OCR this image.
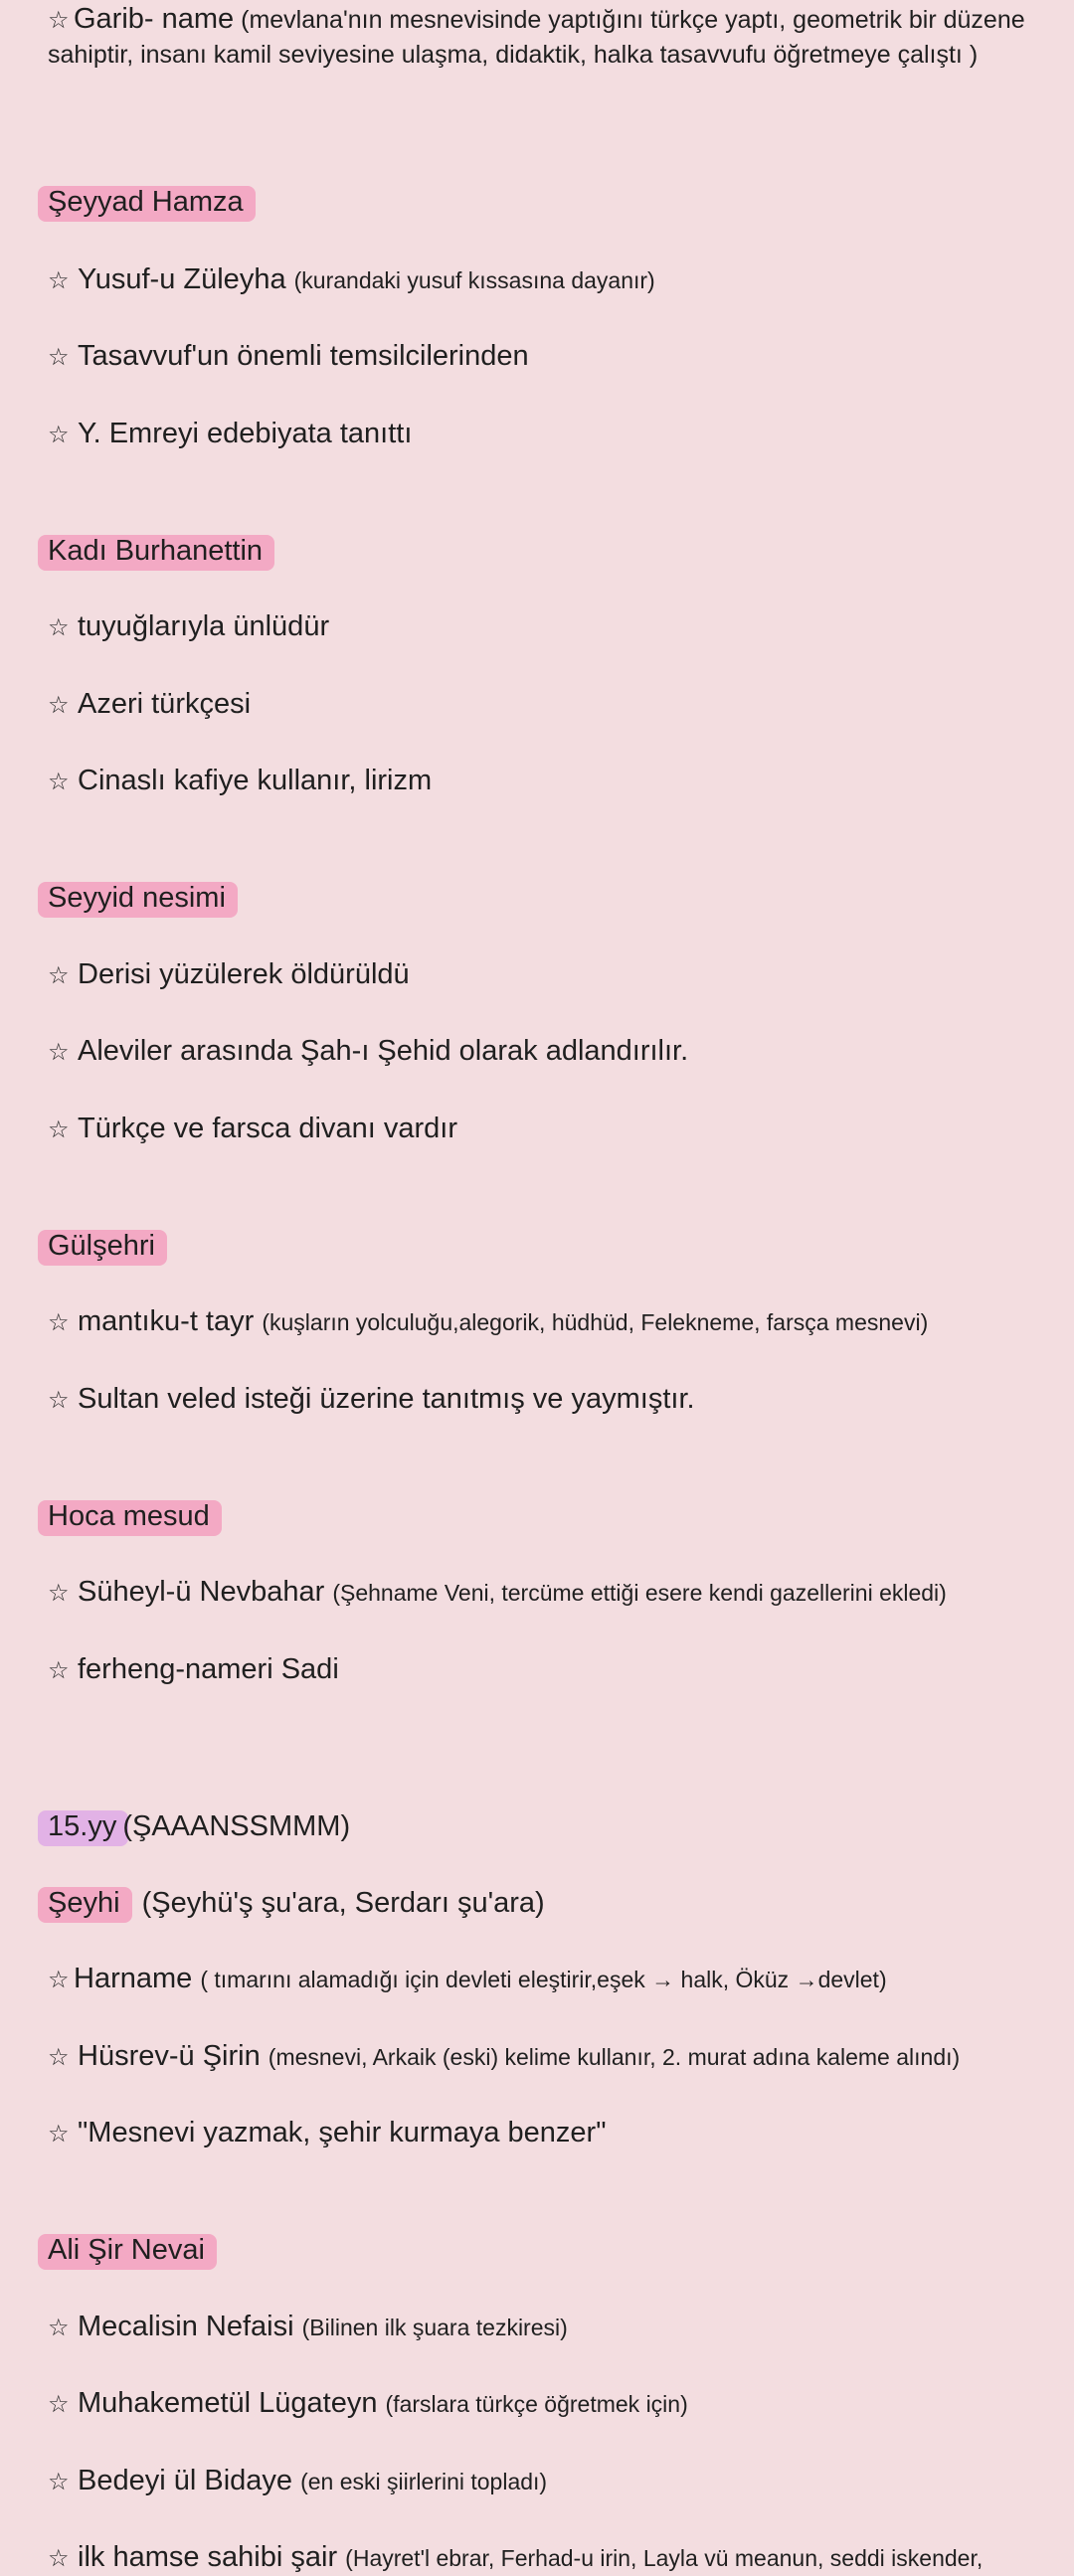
☆ Garib- name (mevlana'nın mesnevisinde yaptığını türkçe yaptı, geometrik bir düzene sahiptir, insanı kamil seviyesine ulaşma, didaktik, halka tasavvufu öğretmeye çalıştı )
Şeyyad Hamza
☆ Yusuf-u Züleyha (kurandaki yusuf kıssasına dayanır)
☆ Tasavvuf'un önemli temsilcilerinden
☆ Y. Emreyi edebiyata tanıttı
Kadı Burhanettin
☆ tuyuğlarıyla ünlüdür
☆ Azeri türkçesi
☆ Cinaslı kafiye kullanır, lirizm
Seyyid nesimi
☆ Derisi yüzülerek öldürüldü
☆ Aleviler arasında Şah-ı Şehid olarak adlandırılır.
☆ Türkçe ve farsca divanı vardır
Gülşehri
☆ mantıku-t tayr (kuşların yolculuğu,alegorik, hüdhüd, Felekneme, farsça mesnevi)
☆ Sultan veled isteği üzerine tanıtmış ve yaymıştır.
Hoca mesud
☆ Süheyl-ü Nevbahar (Şehname Veni, tercüme ettiği esere kendi gazellerini ekledi)
☆ ferheng-nameri Sadi
15.yy (ŞAAANSSMMM)
Şeyhi (Şeyhü'ş şu'ara, Serdarı şu'ara)
☆ Harname ( tımarını alamadığı için devleti eleştirir,eşek → halk, Öküz →devlet)
☆ Hüsrev-ü Şirin (mesnevi, Arkaik (eski) kelime kullanır, 2. murat adına kaleme alındı)
☆ "Mesnevi yazmak, şehir kurmaya benzer"
Ali Şir Nevai
☆ Mecalisin Nefaisi (Bilinen ilk şuara tezkiresi)
☆ Muhakemetül Lügateyn (farslara türkçe öğretmek için)
☆ Bedeyi ül Bidaye (en eski şiirlerini topladı)
☆ ilk hamse sahibi şair (Hayret'l ebrar, Ferhad-u irin, Layla vü meanun, seddi iskender,
